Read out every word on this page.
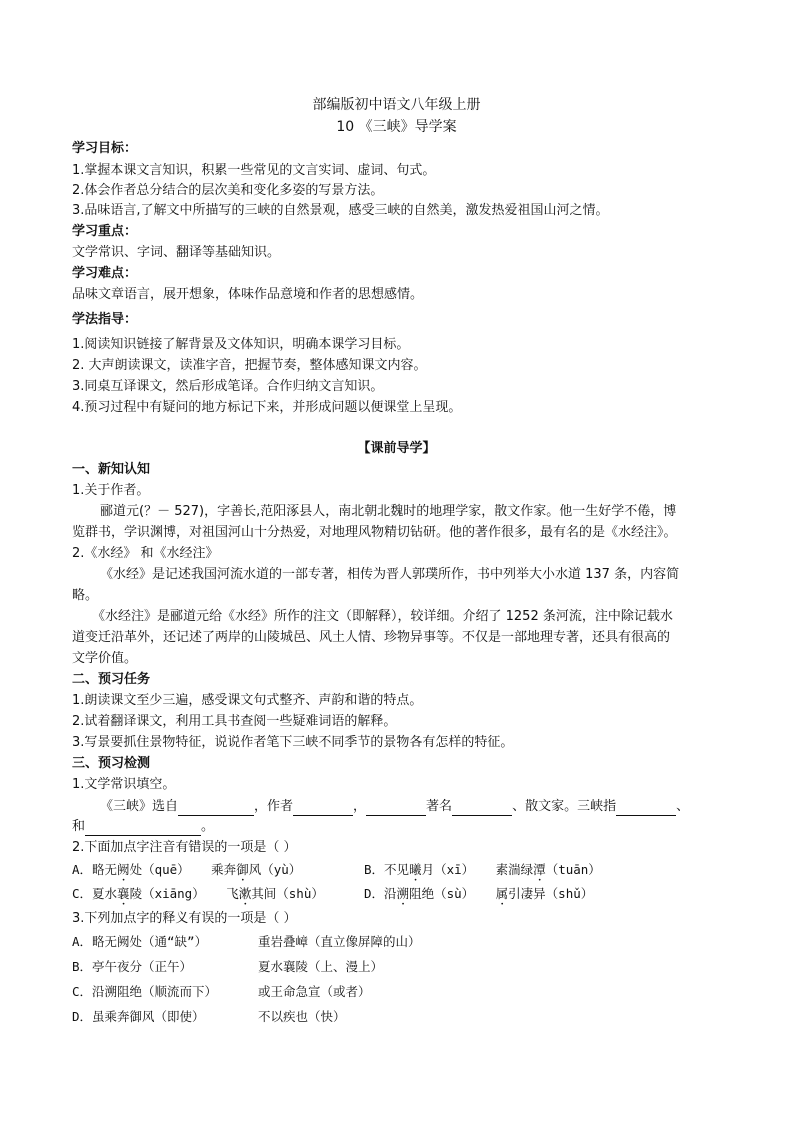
部编版初中语文八年级上册
10 《三峡》导学案
学习目标：
1.掌握本课文言知识，积累一些常见的文言实词、虚词、句式。
2.体会作者总分结合的层次美和变化多姿的写景方法。
3.品味语言,了解文中所描写的三峡的自然景观，感受三峡的自然美，激发热爱祖国山河之情。
学习重点：
文学常识、字词、翻译等基础知识。
学习难点：
品味文章语言，展开想象，体味作品意境和作者的思想感情。
学法指导：
1.阅读知识链接了解背景及文体知识，明确本课学习目标。
2. 大声朗读课文，读准字音，把握节奏，整体感知课文内容。
3.同桌互译课文，然后形成笔译。合作归纳文言知识。
4.预习过程中有疑问的地方标记下来，并形成问题以便课堂上呈现。
【课前导学】
一、新知认知
1.关于作者。
郦道元(？－ 527)，字善长,范阳涿县人，南北朝北魏时的地理学家，散文作家。他一生好学不倦，博
览群书，学识渊博，对祖国河山十分热爱，对地理风物精切钻研。他的著作很多，最有名的是《水经注》。
2.《水经》 和《水经注》
《水经》是记述我国河流水道的一部专著，相传为晋人郭璞所作，书中列举大小水道 137 条，内容简
略。
《水经注》是郦道元给《水经》所作的注文（即解释），较详细。介绍了 1252 条河流，注中除记载水
道变迁沿革外，还记述了两岸的山陵城邑、风土人情、珍物异事等。不仅是一部地理专著，还具有很高的
文学价值。
二、预习任务
1.朗读课文至少三遍，感受课文句式整齐、声韵和谐的特点。
2.试着翻译课文，利用工具书查阅一些疑难词语的解释。
3.写景要抓住景物特征，说说作者笔下三峡不同季节的景物各有怎样的特征。
三、预习检测
1.文学常识填空。
《三峡》选自	，作者	，	著名	、散文家。三峡指	、
和	。
2.下面加点字注音有错误的一项是（ ）
A．略无阙处（quē） 乘奔御风（yù）	B．不见曦月（xī） 素湍绿潭（tuān）
C．夏水襄陵（xiāng） 飞漱其间（shù）	D．沿溯阻绝（sù） 属引凄异（shǔ）
3.下列加点字的释义有误的一项是（ ）
A．略无阙处（通“缺”）	重岩叠嶂（直立像屏障的山）
B．亭午夜分（正午）	夏水襄陵（上、漫上）
C．沿溯阻绝（顺流而下）	或王命急宣（或者）
D．虽乘奔御风（即使）	不以疾也（快）
